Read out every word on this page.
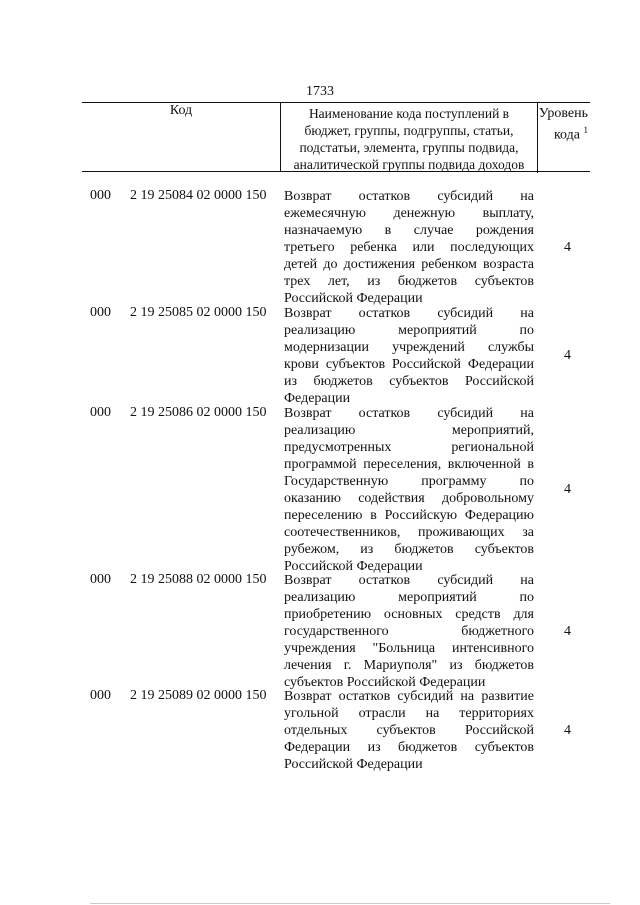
1733
Код	Наименование кода поступлений в
бюджет, группы, подгруппы, статьи,
подстатьи, элемента, группы подвида,
аналитической группы подвида доходов
Уровень
кода $^1$
000 2 19 25084 02 0000 150 Возврат остатков субсидий на
ежемесячную денежную выплату,
назначаемую в случае рождения
третьего ребенка или последующих
детей до достижения ребенком возраста
трех лет, из бюджетов субъектов
Российской Федерации
4
000 2 19 25085 02 0000 150 Возврат остатков субсидий на
реализацию мероприятий по
модернизации учреждений службы
крови субъектов Российской Федерации
из бюджетов субъектов Российской
Федерации
4
000 2 19 25086 02 0000 150 Возврат остатков субсидий на
реализацию мероприятий,
предусмотренных региональной
программой переселения, включенной в
Государственную программу по
оказанию содействия добровольному
переселению в Российскую Федерацию
соотечественников, проживающих за
рубежом, из бюджетов субъектов
Российской Федерации
4
000 2 19 25088 02 0000 150 Возврат остатков субсидий на
реализацию мероприятий по
приобретению основных средств для
государственного бюджетного
учреждения "Больница интенсивного
лечения г. Мариуполя" из бюджетов
субъектов Российской Федерации
4
000 2 19 25089 02 0000 150 Возврат остатков субсидий на развитие
угольной отрасли на территориях
отдельных субъектов Российской
Федерации из бюджетов субъектов
Российской Федерации
4
